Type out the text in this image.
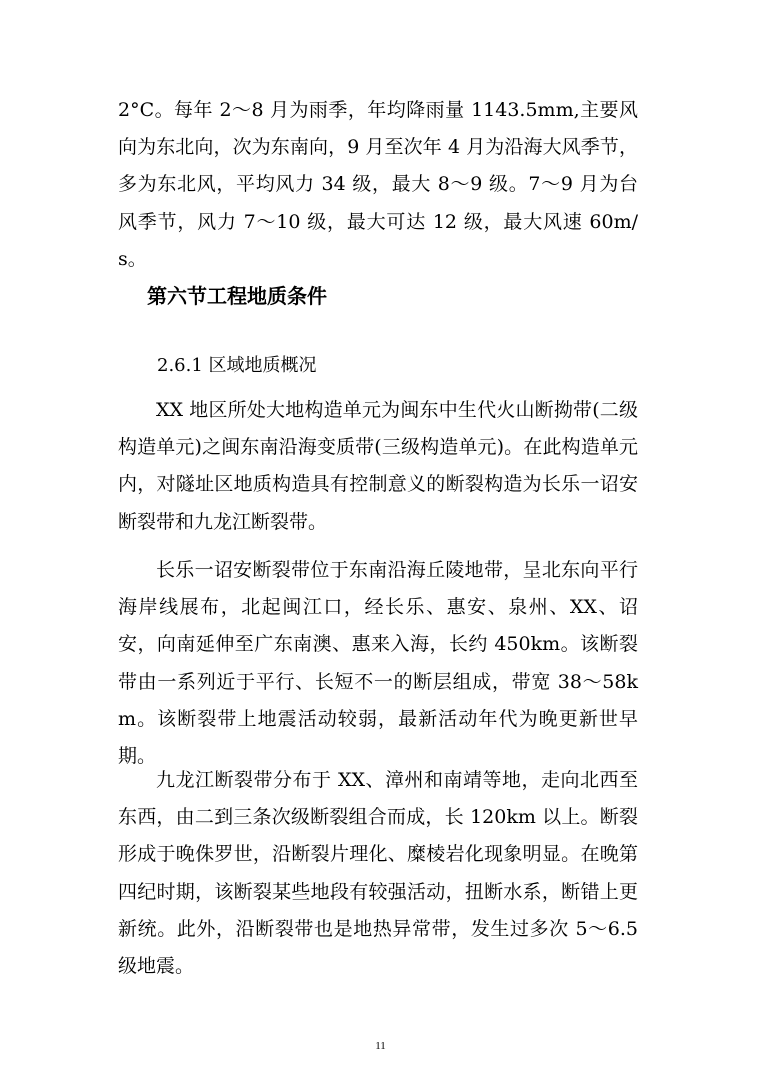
2°C。每年 2～8 月为雨季，年均降雨量 1143.5mm,主要风向为东北向，次为东南向，9 月至次年 4 月为沿海大风季节，多为东北风，平均风力 34 级，最大 8～9 级。7～9 月为台风季节，风力 7～10 级，最大可达 12 级，最大风速 60m/s。

第六节工程地质条件

2.6.1 区域地质概况

XX 地区所处大地构造单元为闽东中生代火山断拗带(二级构造单元)之闽东南沿海变质带(三级构造单元)。在此构造单元内，对隧址区地质构造具有控制意义的断裂构造为长乐一诏安断裂带和九龙江断裂带。

长乐一诏安断裂带位于东南沿海丘陵地带，呈北东向平行海岸线展布，北起闽江口，经长乐、惠安、泉州、XX、诏安，向南延伸至广东南澳、惠来入海，长约 450km。该断裂带由一系列近于平行、长短不一的断层组成，带宽 38～58km。该断裂带上地震活动较弱，最新活动年代为晚更新世早期。

九龙江断裂带分布于 XX、漳州和南靖等地，走向北西至东西，由二到三条次级断裂组合而成，长 120km 以上。断裂形成于晚侏罗世，沿断裂片理化、糜棱岩化现象明显。在晚第四纪时期，该断裂某些地段有较强活动，扭断水系，断错上更新统。此外，沿断裂带也是地热异常带，发生过多次 5～6.5 级地震。

11
